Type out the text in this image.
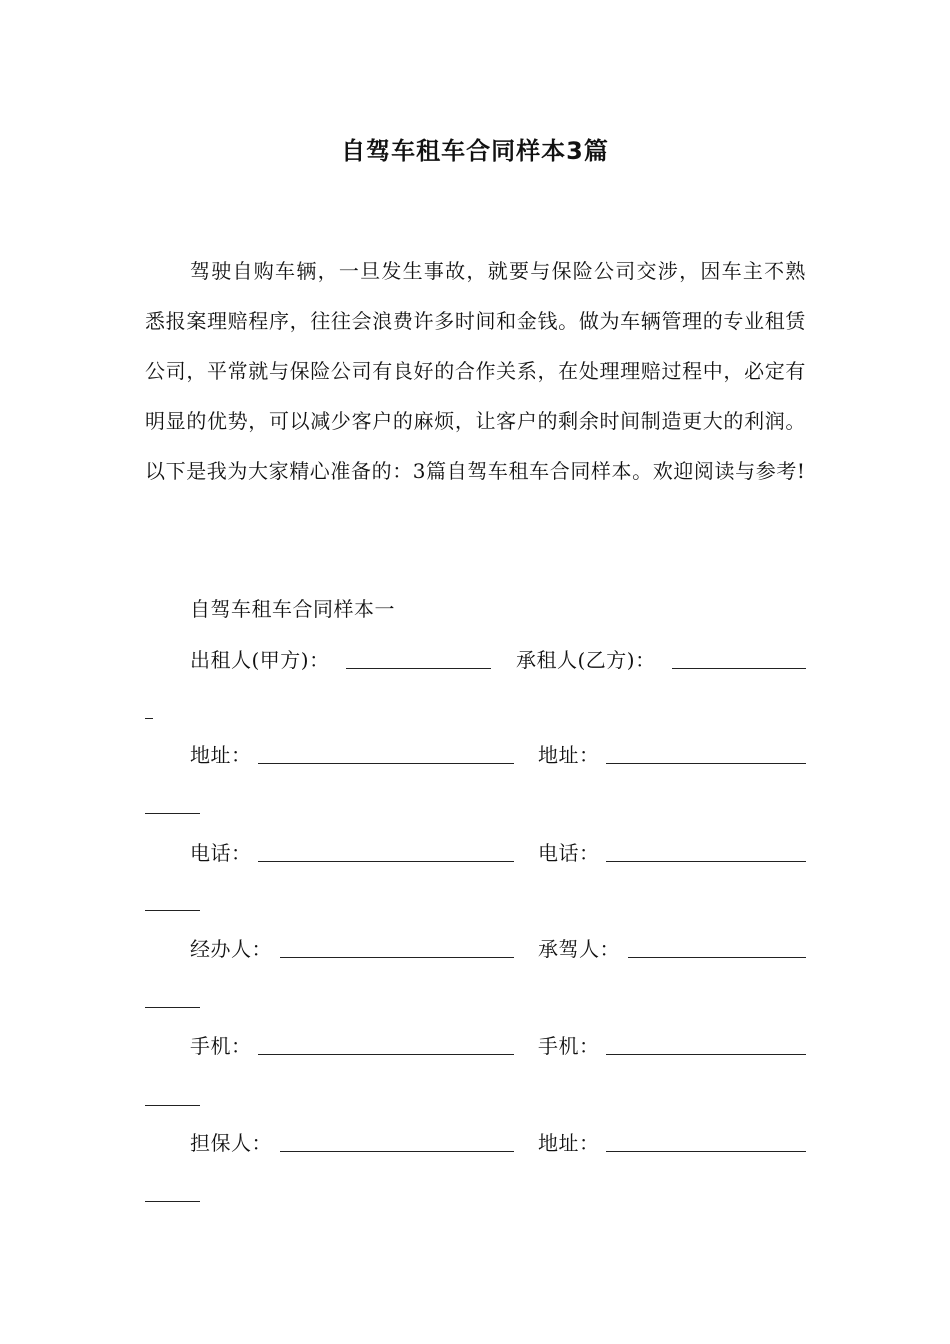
自驾车租车合同样本3篇

驾驶自购车辆，一旦发生事故，就要与保险公司交涉，因车主不熟悉报案理赔程序，往往会浪费许多时间和金钱。做为车辆管理的专业租赁公司，平常就与保险公司有良好的合作关系，在处理理赔过程中，必定有明显的优势，可以减少客户的麻烦，让客户的剩余时间制造更大的利润。以下是我为大家精心准备的：3篇自驾车租车合同样本。欢迎阅读与参考!

自驾车租车合同样本一
出租人(甲方)：	承租人(乙方)：
地址：	地址：
电话：	电话：
经办人：	承驾人：
手机：	手机：
担保人：	地址：
